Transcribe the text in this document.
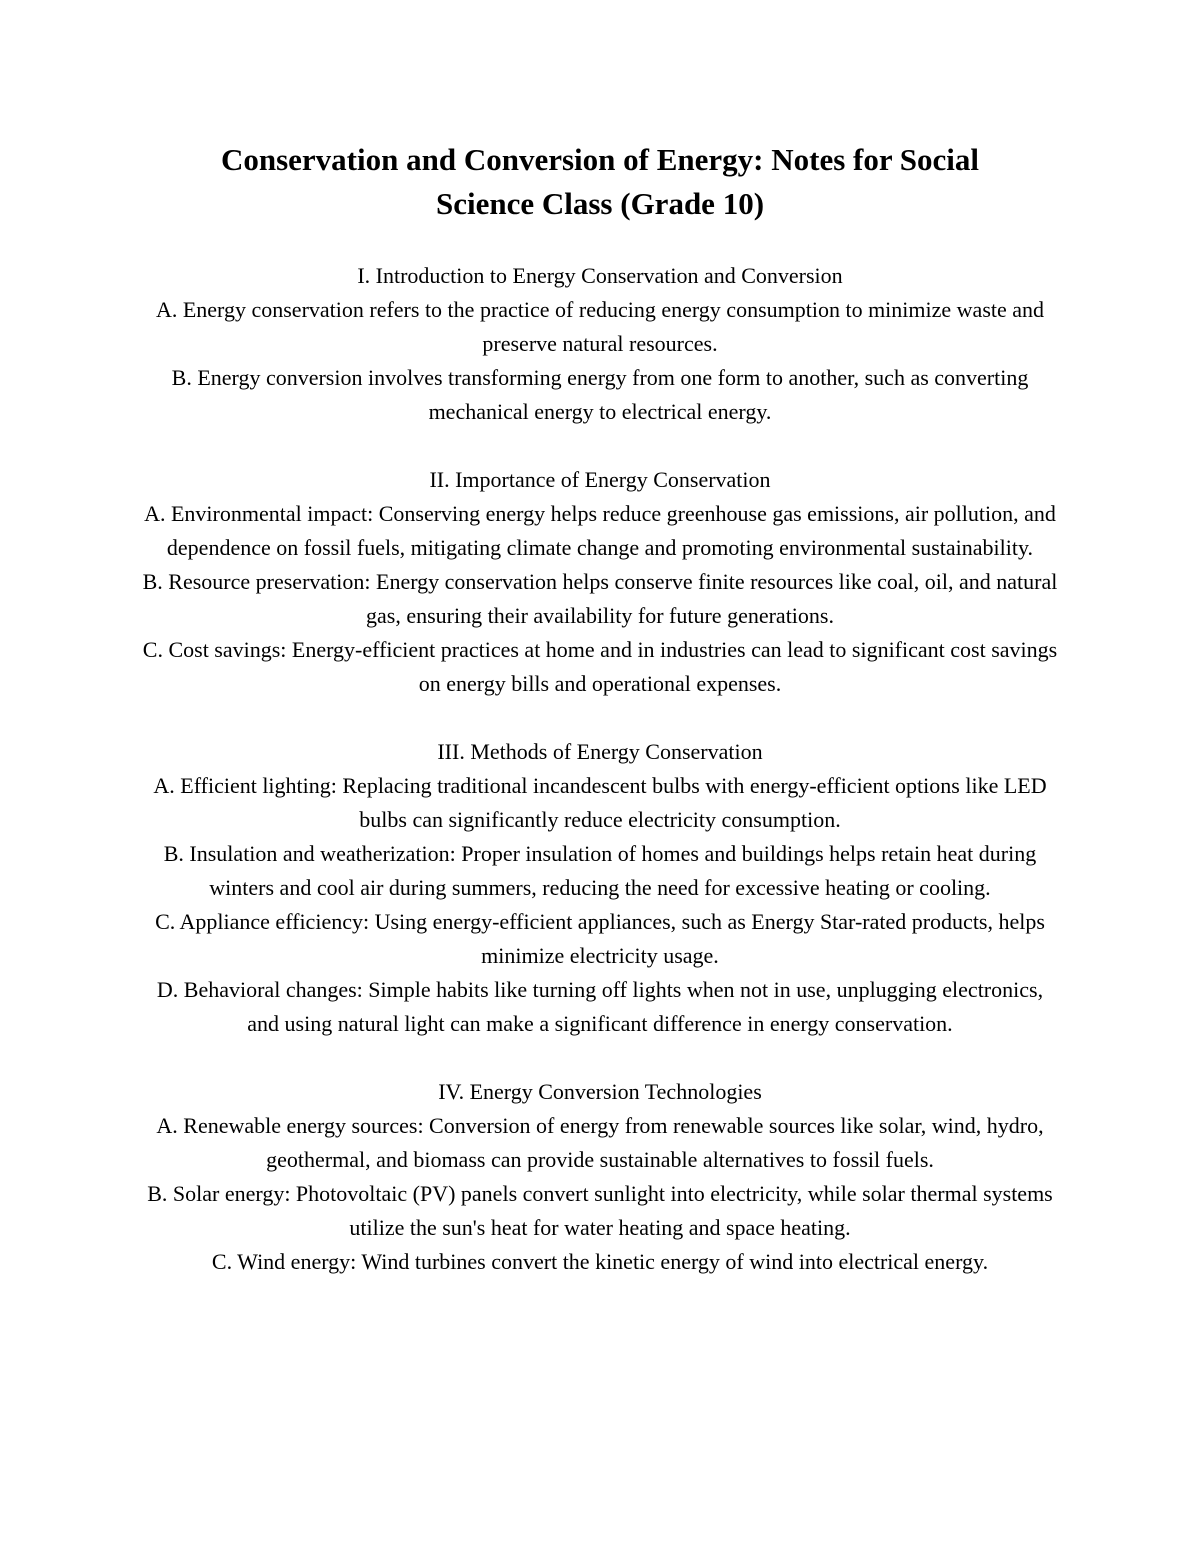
Conservation and Conversion of Energy: Notes for Social Science Class (Grade 10)
I. Introduction to Energy Conservation and Conversion

A. Energy conservation refers to the practice of reducing energy consumption to minimize waste and preserve natural resources.

B. Energy conversion involves transforming energy from one form to another, such as converting mechanical energy to electrical energy.

II. Importance of Energy Conservation

A. Environmental impact: Conserving energy helps reduce greenhouse gas emissions, air pollution, and dependence on fossil fuels, mitigating climate change and promoting environmental sustainability.

B. Resource preservation: Energy conservation helps conserve finite resources like coal, oil, and natural gas, ensuring their availability for future generations.

C. Cost savings: Energy-efficient practices at home and in industries can lead to significant cost savings on energy bills and operational expenses.

III. Methods of Energy Conservation

A. Efficient lighting: Replacing traditional incandescent bulbs with energy-efficient options like LED bulbs can significantly reduce electricity consumption.

B. Insulation and weatherization: Proper insulation of homes and buildings helps retain heat during winters and cool air during summers, reducing the need for excessive heating or cooling.

C. Appliance efficiency: Using energy-efficient appliances, such as Energy Star-rated products, helps minimize electricity usage.

D. Behavioral changes: Simple habits like turning off lights when not in use, unplugging electronics, and using natural light can make a significant difference in energy conservation.

IV. Energy Conversion Technologies

A. Renewable energy sources: Conversion of energy from renewable sources like solar, wind, hydro, geothermal, and biomass can provide sustainable alternatives to fossil fuels.

B. Solar energy: Photovoltaic (PV) panels convert sunlight into electricity, while solar thermal systems utilize the sun's heat for water heating and space heating.

C. Wind energy: Wind turbines convert the kinetic energy of wind into electrical energy.
